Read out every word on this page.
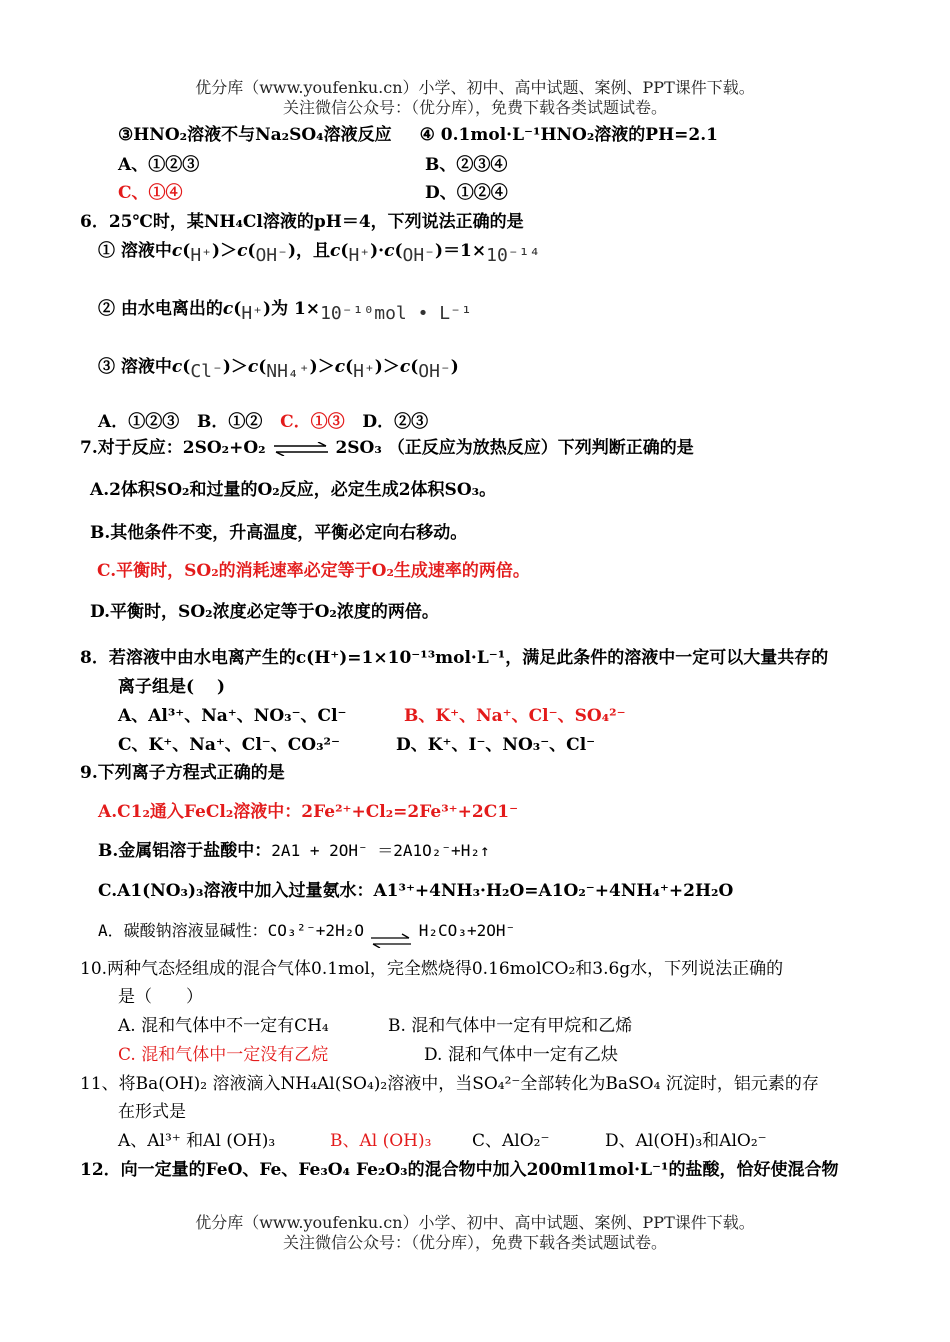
优分库（www.youfenku.cn）小学、初中、高中试题、案例、PPT课件下载。
关注微信公众号：（优分库），免费下载各类试题试卷。
③HNO₂溶液不与Na₂SO₄溶液反应 ④ 0.1mol·L⁻¹HNO₂溶液的PH=2.1
A、①②③	B、②③④
C、①④	D、①②④
6．25℃时，某NH₄Cl溶液的pH＝4，下列说法正确的是
① 溶液中c(H⁺)＞c(OH⁻)，且c(H⁺)·c(OH⁻)＝1×10⁻¹⁴
② 由水电离出的c(H⁺)为 1×10⁻¹⁰mol • L⁻¹
③ 溶液中c(Cl⁻)＞c(NH₄⁺)＞c(H⁺)＞c(OH⁻)
A．①②③ B．①② C．①③ D．②③
7.对于反应：2SO₂+O₂ ⇌ 2SO₃ （正反应为放热反应）下列判断正确的是
A.2体积SO₂和过量的O₂反应，必定生成2体积SO₃。
B.其他条件不变，升高温度，平衡必定向右移动。
C.平衡时，SO₂的消耗速率必定等于O₂生成速率的两倍。
D.平衡时，SO₂浓度必定等于O₂浓度的两倍。
8．若溶液中由水电离产生的c(H⁺)=1×10⁻¹³mol·L⁻¹，满足此条件的溶液中一定可以大量共存的
离子组是(　 )
A、Al³⁺、Na⁺、NO₃⁻、Cl⁻	B、K⁺、Na⁺、Cl⁻、SO₄²⁻
C、K⁺、Na⁺、Cl⁻、CO₃²⁻	D、K⁺、I⁻、NO₃⁻、Cl⁻
9.下列离子方程式正确的是
A.C1₂通入FeCl₂溶液中：2Fe²⁺+Cl₂=2Fe³⁺+2C1⁻
B.金属铝溶于盐酸中：2A1 + 2OH⁻ ＝2A1O₂⁻+H₂↑
C.A1(NO₃)₃溶液中加入过量氨水：A1³⁺+4NH₃·H₂O=A1O₂⁻+4NH₄⁺+2H₂O
A．碳酸钠溶液显碱性：CO₃²⁻+2H₂O ⇌ H₂CO₃+2OH⁻
10.两种气态烃组成的混合气体0.1mol，完全燃烧得0.16molCO₂和3.6g水，下列说法正确的
是（　　）
A. 混和气体中不一定有CH₄	B. 混和气体中一定有甲烷和乙烯
C. 混和气体中一定没有乙烷	D. 混和气体中一定有乙炔
11、将Ba(OH)₂ 溶液滴入NH₄Al(SO₄)₂溶液中，当SO₄²⁻全部转化为BaSO₄ 沉淀时，铝元素的存
在形式是
A、Al³⁺ 和Al (OH)₃	B、Al (OH)₃ C、AlO₂⁻	D、Al(OH)₃和AlO₂⁻
12．向一定量的FeO、Fe、Fe₃O₄ Fe₂O₃的混合物中加入200ml1mol·L⁻¹的盐酸，恰好使混合物
优分库（www.youfenku.cn）小学、初中、高中试题、案例、PPT课件下载。
关注微信公众号：（优分库），免费下载各类试题试卷。
